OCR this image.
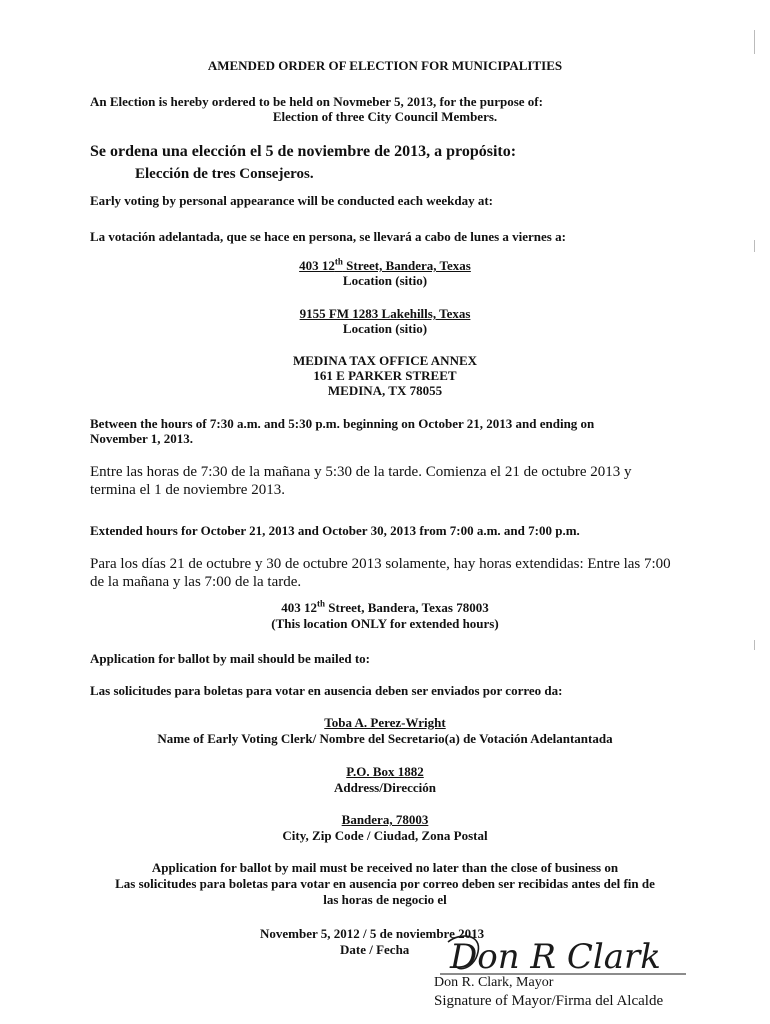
AMENDED ORDER OF ELECTION FOR MUNICIPALITIES

An Election is hereby ordered to be held on Novmeber 5, 2013, for the purpose of:

Election of three City Council Members.

Se ordena una elección el 5 de noviembre de 2013, a propósito:

Elección de tres Consejeros.

Early voting by personal appearance will be conducted each weekday at:

La votación adelantada, que se hace en persona, se llevará a cabo de lunes a viernes a:

403 12th Street, Bandera, Texas

Location (sitio)

9155 FM 1283 Lakehills, Texas

Location (sitio)

MEDINA TAX OFFICE ANNEX

161 E PARKER STREET

MEDINA, TX 78055

Between the hours of 7:30 a.m. and 5:30 p.m. beginning on October 21, 2013 and ending on

November 1, 2013.

Entre las horas de 7:30 de la mañana y 5:30 de la tarde. Comienza el 21 de octubre 2013 y

termina el 1 de noviembre 2013.

Extended hours for October 21, 2013 and October 30, 2013 from 7:00 a.m. and 7:00 p.m.

Para los días 21 de octubre y 30 de octubre 2013 solamente, hay horas extendidas: Entre las 7:00

de la mañana y las 7:00 de la tarde.

403 12th Street, Bandera, Texas 78003

(This location ONLY for extended hours)

Application for ballot by mail should be mailed to:

Las solicitudes para boletas para votar en ausencia deben ser enviados por correo da:

Toba A. Perez-Wright

Name of Early Voting Clerk/ Nombre del Secretario(a) de Votación Adelantantada

P.O. Box 1882

Address/Dirección

Bandera, 78003

City, Zip Code / Ciudad, Zona Postal

Application for ballot by mail must be received no later than the close of business on

Las solicitudes para boletas para votar en ausencia por correo deben ser recibidas antes del fin de

las horas de negocio el

November 5, 2012 / 5 de noviembre 2013

Date / Fecha Don R Clark

Don R. Clark, Mayor

Signature of Mayor/Firma del Alcalde
